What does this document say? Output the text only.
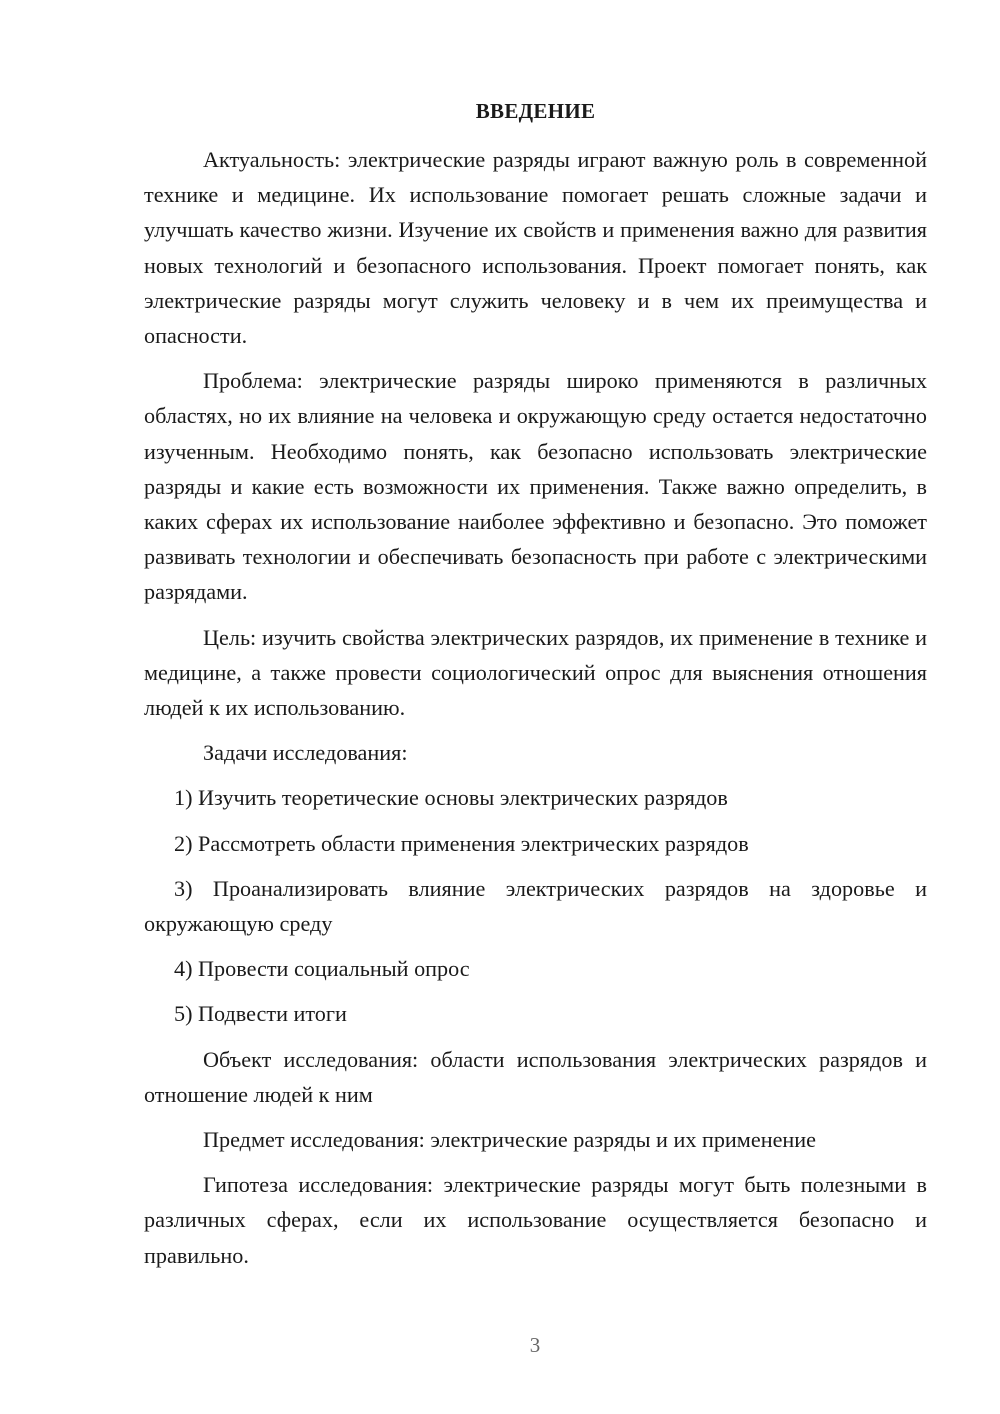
ВВЕДЕНИЕ

Актуальность: электрические разряды играют важную роль в современной технике и медицине. Их использование помогает решать сложные задачи и улучшать качество жизни. Изучение их свойств и применения важно для развития новых технологий и безопасного использования. Проект помогает понять, как электрические разряды могут служить человеку и в чем их преимущества и опасности.

Проблема: электрические разряды широко применяются в различных областях, но их влияние на человека и окружающую среду остается недостаточно изученным. Необходимо понять, как безопасно использовать электрические разряды и какие есть возможности их применения. Также важно определить, в каких сферах их использование наиболее эффективно и безопасно. Это поможет развивать технологии и обеспечивать безопасность при работе с электрическими разрядами.

Цель: изучить свойства электрических разрядов, их применение в технике и медицине, а также провести социологический опрос для выяснения отношения людей к их использованию.

Задачи исследования:

1) Изучить теоретические основы электрических разрядов

2) Рассмотреть области применения электрических разрядов

3) Проанализировать влияние электрических разрядов на здоровье и окружающую среду

4) Провести социальный опрос

5) Подвести итоги

Объект исследования: области использования электрических разрядов и отношение людей к ним

Предмет исследования: электрические разряды и их применение

Гипотеза исследования: электрические разряды могут быть полезными в различных сферах, если их использование осуществляется безопасно и правильно.

3
